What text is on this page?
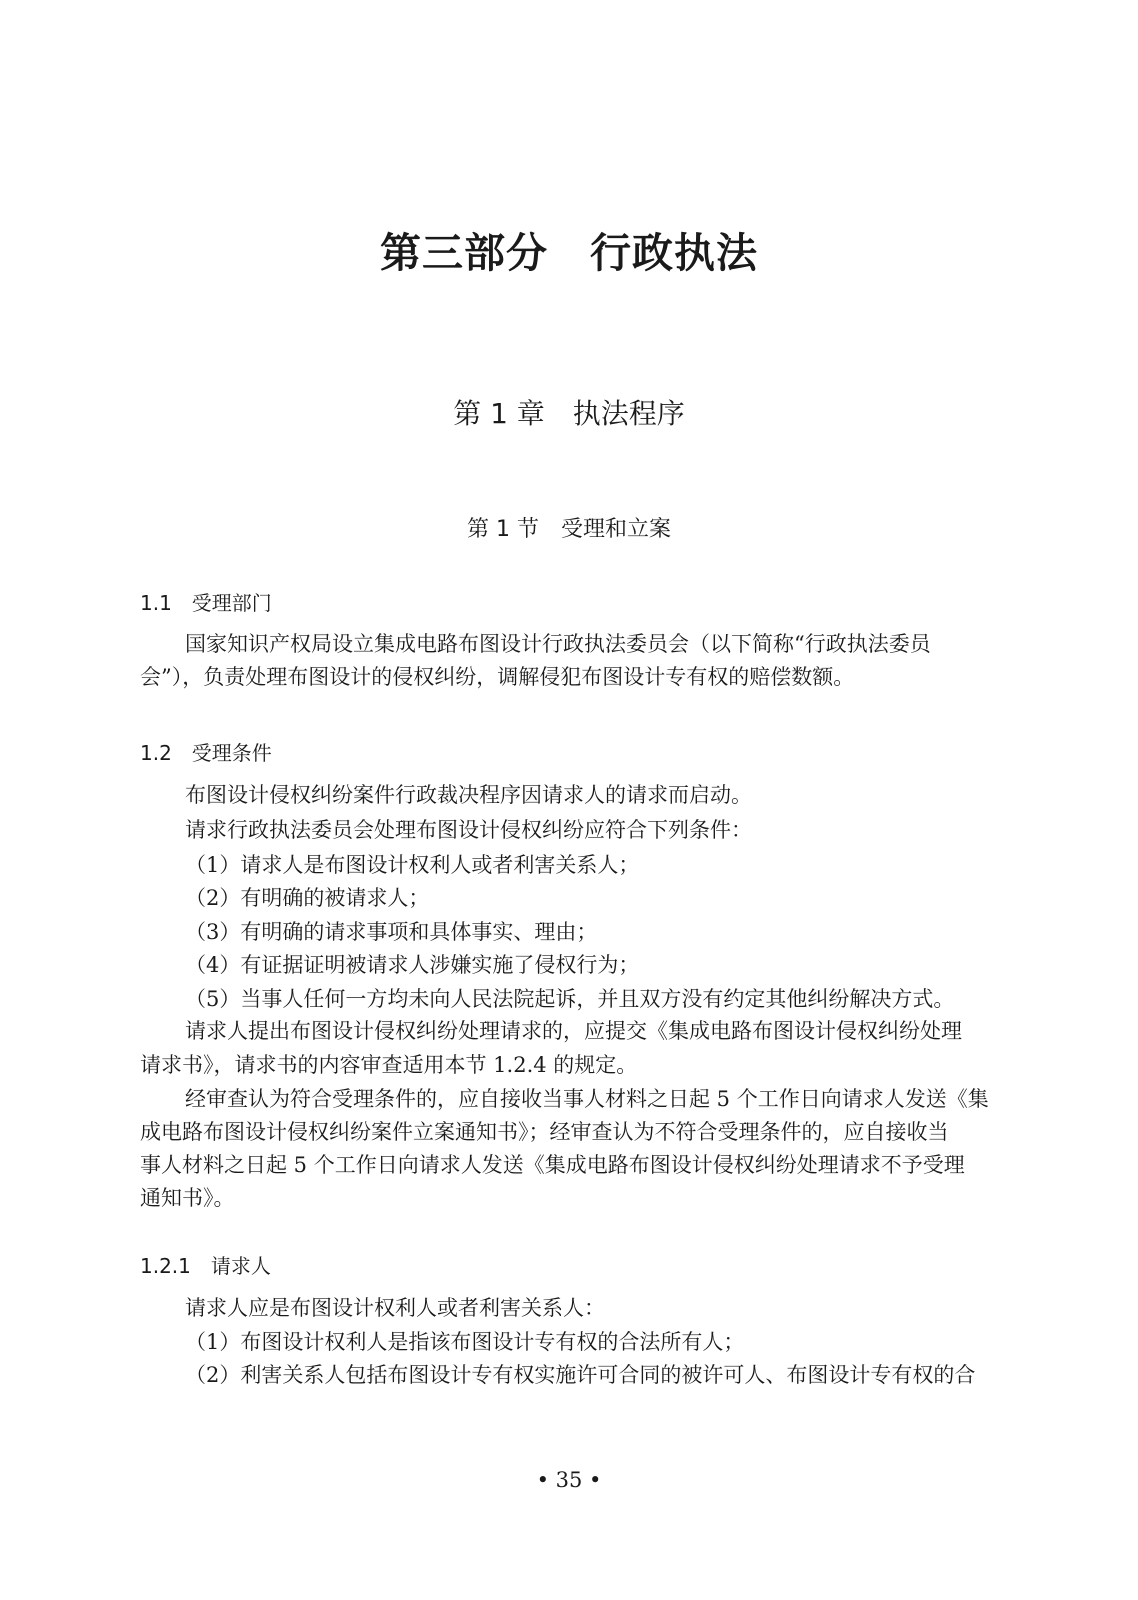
第三部分　行政执法
第 1 章　执法程序
第 1 节　受理和立案
1.1　受理部门
国家知识产权局设立集成电路布图设计行政执法委员会（以下简称“行政执法委员
会”），负责处理布图设计的侵权纠纷，调解侵犯布图设计专有权的赔偿数额。
1.2　受理条件
布图设计侵权纠纷案件行政裁决程序因请求人的请求而启动。
请求行政执法委员会处理布图设计侵权纠纷应符合下列条件：
（1）请求人是布图设计权利人或者利害关系人；
（2）有明确的被请求人；
（3）有明确的请求事项和具体事实、理由；
（4）有证据证明被请求人涉嫌实施了侵权行为；
（5）当事人任何一方均未向人民法院起诉，并且双方没有约定其他纠纷解决方式。
请求人提出布图设计侵权纠纷处理请求的，应提交《集成电路布图设计侵权纠纷处理
请求书》，请求书的内容审查适用本节 1.2.4 的规定。
经审查认为符合受理条件的，应自接收当事人材料之日起 5 个工作日向请求人发送《集
成电路布图设计侵权纠纷案件立案通知书》；经审查认为不符合受理条件的，应自接收当
事人材料之日起 5 个工作日向请求人发送《集成电路布图设计侵权纠纷处理请求不予受理
通知书》。
1.2.1　请求人
请求人应是布图设计权利人或者利害关系人：
（1）布图设计权利人是指该布图设计专有权的合法所有人；
（2）利害关系人包括布图设计专有权实施许可合同的被许可人、布图设计专有权的合
• 35 •
